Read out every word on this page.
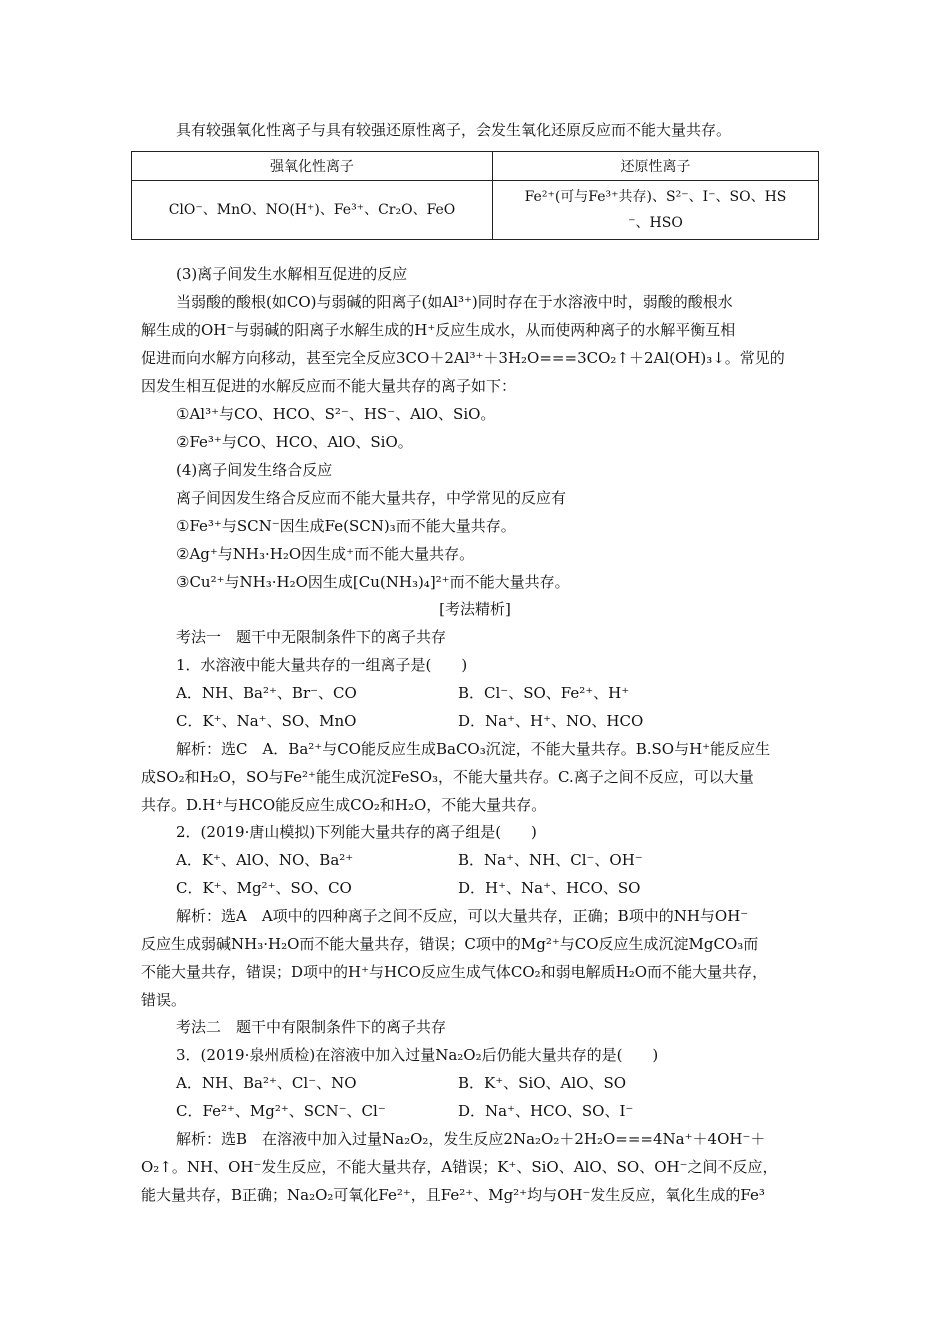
具有较强氧化性离子与具有较强还原性离子，会发生氧化还原反应而不能大量共存。
强氧化性离子	还原性离子
ClO⁻、MnO、NO(H⁺)、Fe³⁺、Cr₂O、FeO	Fe²⁺(可与Fe³⁺共存)、S²⁻、I⁻、SO、HS
⁻、HSO
(3)离子间发生水解相互促进的反应
当弱酸的酸根(如CO)与弱碱的阳离子(如Al³⁺)同时存在于水溶液中时，弱酸的酸根水
解生成的OH⁻与弱碱的阳离子水解生成的H⁺反应生成水，从而使两种离子的水解平衡互相
促进而向水解方向移动，甚至完全反应3CO＋2Al³⁺＋3H₂O===3CO₂↑＋2Al(OH)₃↓。常见的
因发生相互促进的水解反应而不能大量共存的离子如下：
①Al³⁺与CO、HCO、S²⁻、HS⁻、AlO、SiO。
②Fe³⁺与CO、HCO、AlO、SiO。
(4)离子间发生络合反应
离子间因发生络合反应而不能大量共存，中学常见的反应有
①Fe³⁺与SCN⁻因生成Fe(SCN)₃而不能大量共存。
②Ag⁺与NH₃·H₂O因生成⁺而不能大量共存。
③Cu²⁺与NH₃·H₂O因生成[Cu(NH₃)₄]²⁺而不能大量共存。
[考法精析]
考法一　题干中无限制条件下的离子共存
1．水溶液中能大量共存的一组离子是(　　)
A．NH、Ba²⁺、Br⁻、CO	B．Cl⁻、SO、Fe²⁺、H⁺
C．K⁺、Na⁺、SO、MnO	D．Na⁺、H⁺、NO、HCO
解析：选C　A．Ba²⁺与CO能反应生成BaCO₃沉淀，不能大量共存。B.SO与H⁺能反应生
成SO₂和H₂O，SO与Fe²⁺能生成沉淀FeSO₃，不能大量共存。C.离子之间不反应，可以大量
共存。D.H⁺与HCO能反应生成CO₂和H₂O，不能大量共存。
2．(2019·唐山模拟)下列能大量共存的离子组是(　　)
A．K⁺、AlO、NO、Ba²⁺	B．Na⁺、NH、Cl⁻、OH⁻
C．K⁺、Mg²⁺、SO、CO	D．H⁺、Na⁺、HCO、SO
解析：选A　A项中的四种离子之间不反应，可以大量共存，正确；B项中的NH与OH⁻
反应生成弱碱NH₃·H₂O而不能大量共存，错误；C项中的Mg²⁺与CO反应生成沉淀MgCO₃而
不能大量共存，错误；D项中的H⁺与HCO反应生成气体CO₂和弱电解质H₂O而不能大量共存，
错误。
考法二　题干中有限制条件下的离子共存
3．(2019·泉州质检)在溶液中加入过量Na₂O₂后仍能大量共存的是(　　)
A．NH、Ba²⁺、Cl⁻、NO	B．K⁺、SiO、AlO、SO
C．Fe²⁺、Mg²⁺、SCN⁻、Cl⁻	D．Na⁺、HCO、SO、I⁻
解析：选B　在溶液中加入过量Na₂O₂，发生反应2Na₂O₂＋2H₂O===4Na⁺＋4OH⁻＋
O₂↑。NH、OH⁻发生反应，不能大量共存，A错误；K⁺、SiO、AlO、SO、OH⁻之间不反应，
能大量共存，B正确；Na₂O₂可氧化Fe²⁺，且Fe²⁺、Mg²⁺均与OH⁻发生反应，氧化生成的Fe³
